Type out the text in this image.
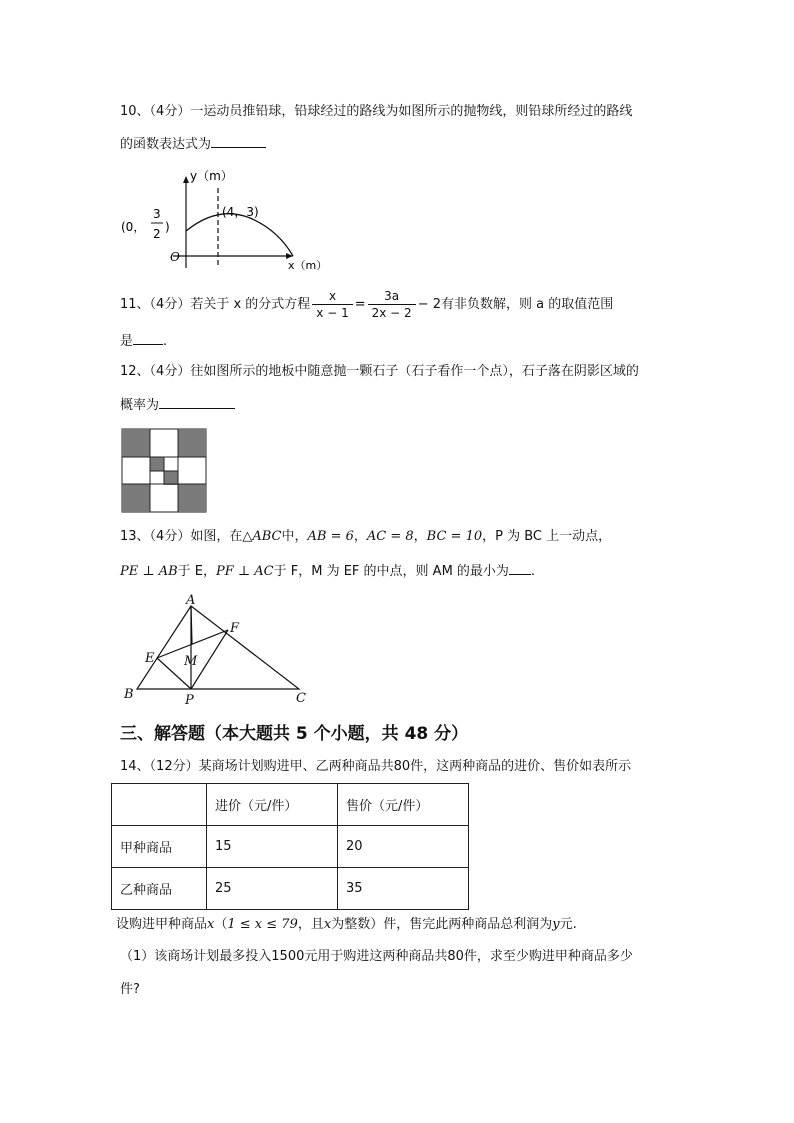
10、（4分）一运动员推铅球，铅球经过的路线为如图所示的抛物线，则铅球所经过的路线
的函数表达式为
y（m）
x（m）
O
(4，3)
(0，
3
2 )
11、（4分）若关于 x 的分式方程 $\frac{x}{x - 1} = \frac{3a}{2x - 2} - 2$有非负数解，则 a 的取值范围
是 .
12、（4分）往如图所示的地板中随意抛一颗石子（石子看作一个点），石子落在阴影区域的
概率为
13、（4分）如图，在△ABC中，AB = 6，AC = 8，BC = 10，P 为 BC 上一动点，
PE ⊥ AB于 E，PF ⊥ AC于 F，M 为 EF 的中点，则 AM 的最小为 .
A
B	C
E
F
M
P
三、解答题（本大题共 5 个小题，共 48 分）
14、（12分）某商场计划购进甲、乙两种商品共80件，这两种商品的进价、售价如表所示
	进价（元/件）	售价（元/件）
甲种商品	15	20
乙种商品	25	35
设购进甲种商品x（1 ≤ x ≤ 79，且x为整数）件，售完此两种商品总利润为y元.
（1）该商场计划最多投入1500元用于购进这两种商品共80件，求至少购进甲种商品多少
件?
